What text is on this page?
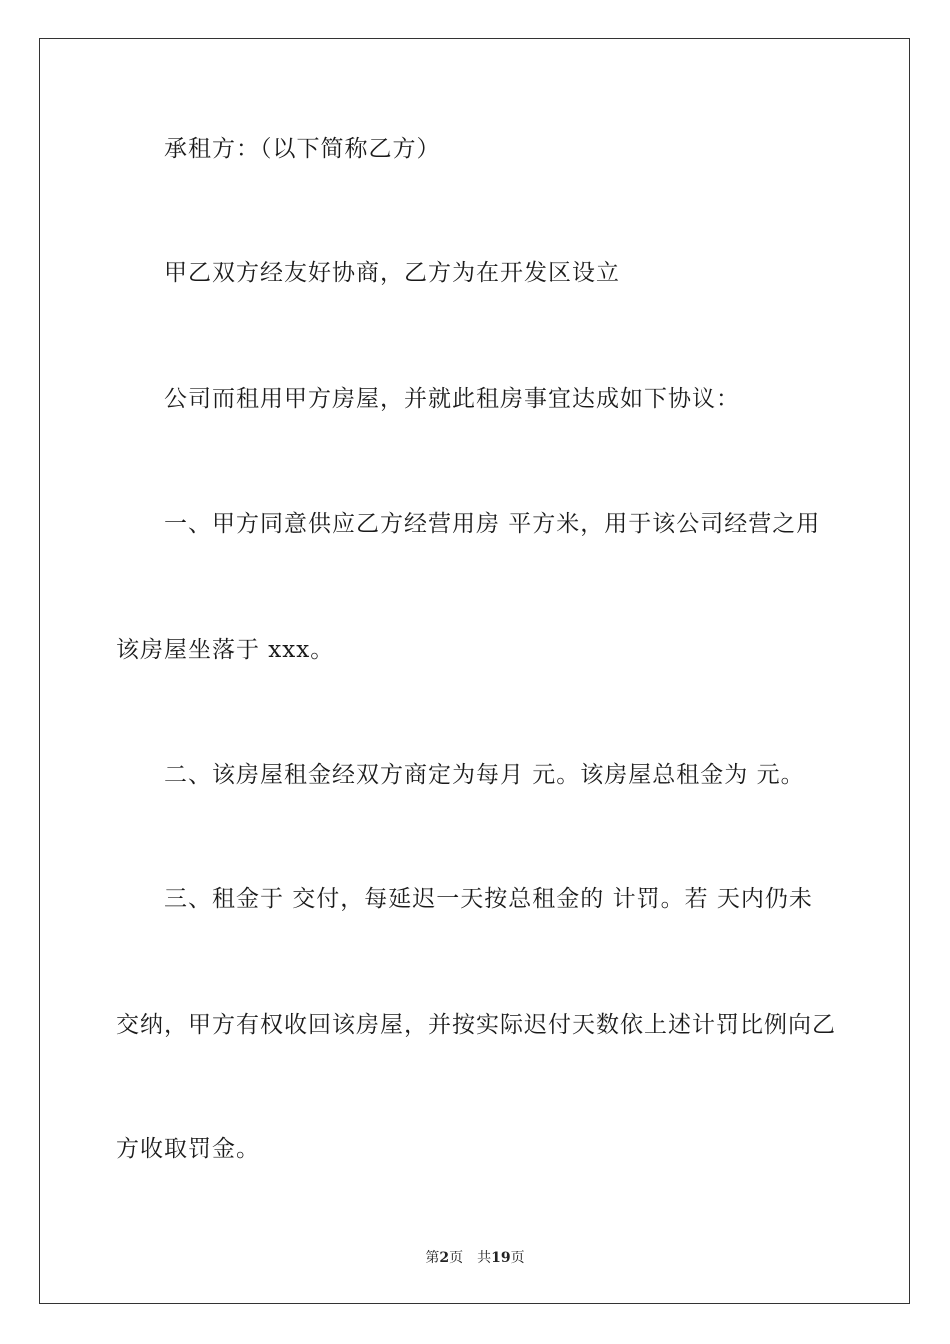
承租方：（以下简称乙方）
甲乙双方经友好协商，乙方为在开发区设立
公司而租用甲方房屋，并就此租房事宜达成如下协议：
一、甲方同意供应乙方经营用房 平方米，用于该公司经营之用
该房屋坐落于 xxx。
二、该房屋租金经双方商定为每月 元。该房屋总租金为 元。
三、租金于 交付，每延迟一天按总租金的 计罚。若 天内仍未
交纳，甲方有权收回该房屋，并按实际迟付天数依上述计罚比例向乙
方收取罚金。
第2页 共19页
